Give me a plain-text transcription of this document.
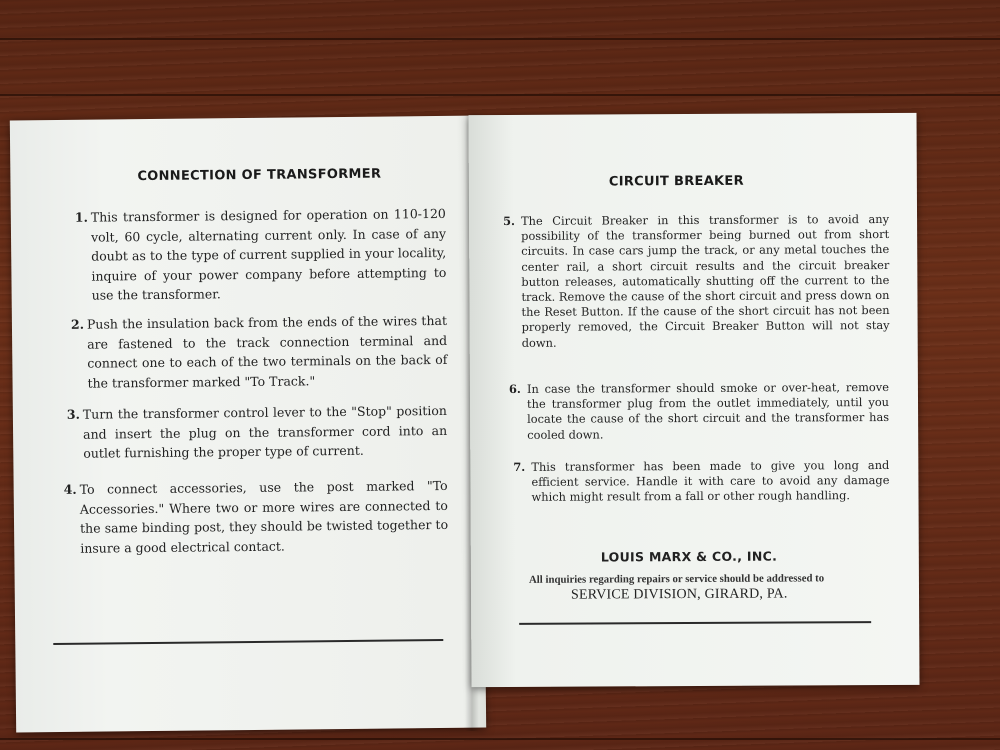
CONNECTION OF TRANSFORMER
1. This transformer is designed for operation on 110-120 volt, 60 cycle, alternating current only. In case of any doubt as to the type of current supplied in your locality, inquire of your power company before attempting to use the transformer.
2. Push the insulation back from the ends of the wires that are fastened to the track connection terminal and connect one to each of the two terminals on the back of the transformer marked "To Track."
3. Turn the transformer control lever to the "Stop" position and insert the plug on the transformer cord into an outlet furnishing the proper type of current.
4. To connect accessories, use the post marked "To Accessories." Where two or more wires are connected to the same binding post, they should be twisted together to insure a good electrical contact.
CIRCUIT BREAKER
5. The Circuit Breaker in this transformer is to avoid any possibility of the transformer being burned out from short circuits. In case cars jump the track, or any metal touches the center rail, a short circuit results and the circuit breaker button releases, automatically shutting off the current to the track. Remove the cause of the short circuit and press down on the Reset Button. If the cause of the short circuit has not been properly removed, the Circuit Breaker Button will not stay down.
6. In case the transformer should smoke or over-heat, remove the transformer plug from the outlet immediately, until you locate the cause of the short circuit and the transformer has cooled down.
7. This transformer has been made to give you long and efficient service. Handle it with care to avoid any damage which might result from a fall or other rough handling.
LOUIS MARX & CO., INC.
All inquiries regarding repairs or service should be addressed to
SERVICE DIVISION, GIRARD, PA.
